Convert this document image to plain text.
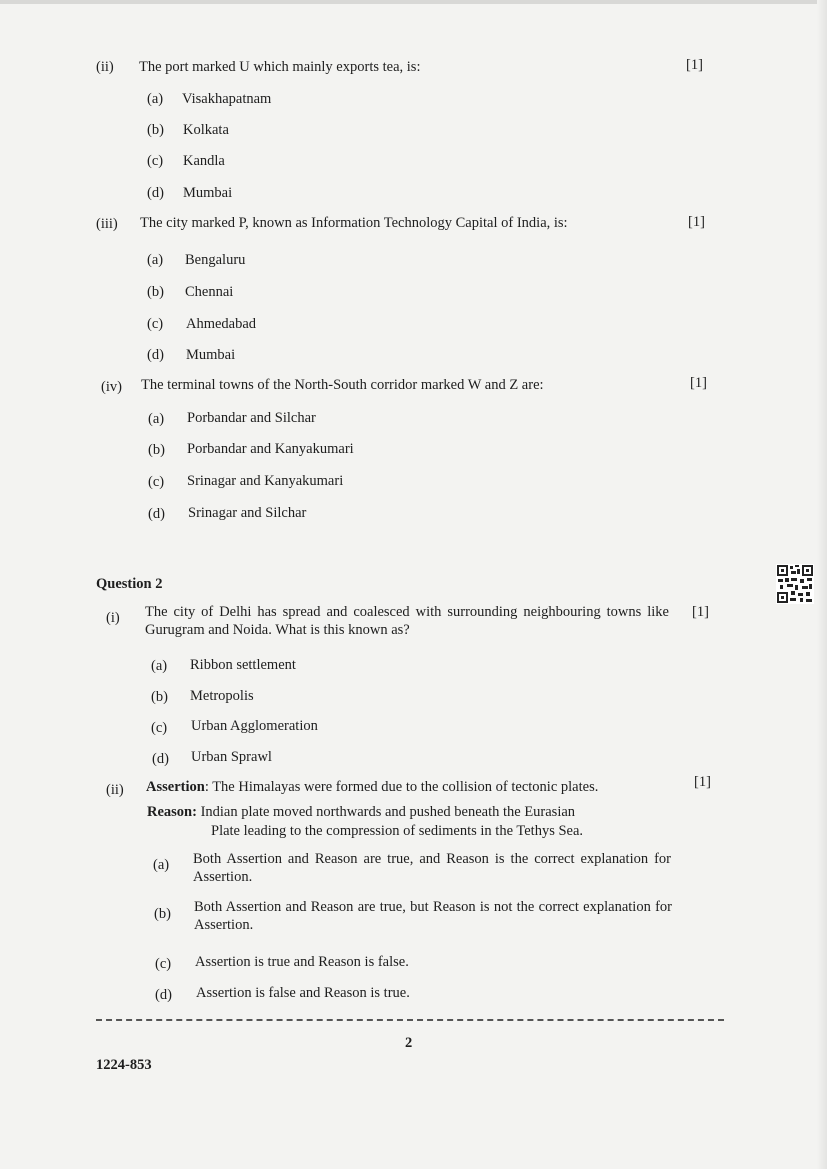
(ii) The port marked U which mainly exports tea, is:	[1]
(a) Visakhapatnam
(b) Kolkata
(c) Kandla
(d) Mumbai
(iii) The city marked P, known as Information Technology Capital of India, is:	[1]
(a) Bengaluru
(b) Chennai
(c) Ahmedabad
(d) Mumbai
(iv) The terminal towns of the North-South corridor marked W and Z are:	[1]
(a) Porbandar and Silchar
(b) Porbandar and Kanyakumari
(c) Srinagar and Kanyakumari
(d) Srinagar and Silchar
Question 2
(i) The city of Delhi has spread and coalesced with surrounding neighbouring towns like Gurugram and Noida. What is this known as?
[1]
(a) Ribbon settlement
(b) Metropolis
(c) Urban Agglomeration
(d) Urban Sprawl
(ii) Assertion: The Himalayas were formed due to the collision of tectonic plates.	[1]
Reason: Indian plate moved northwards and pushed beneath the Eurasian
Plate leading to the compression of sediments in the Tethys Sea.
(a) Both Assertion and Reason are true, and Reason is the correct explanation for Assertion.
(b) Both Assertion and Reason are true, but Reason is not the correct explanation for Assertion.
(c) Assertion is true and Reason is false.
(d) Assertion is false and Reason is true.
2
1224-853
